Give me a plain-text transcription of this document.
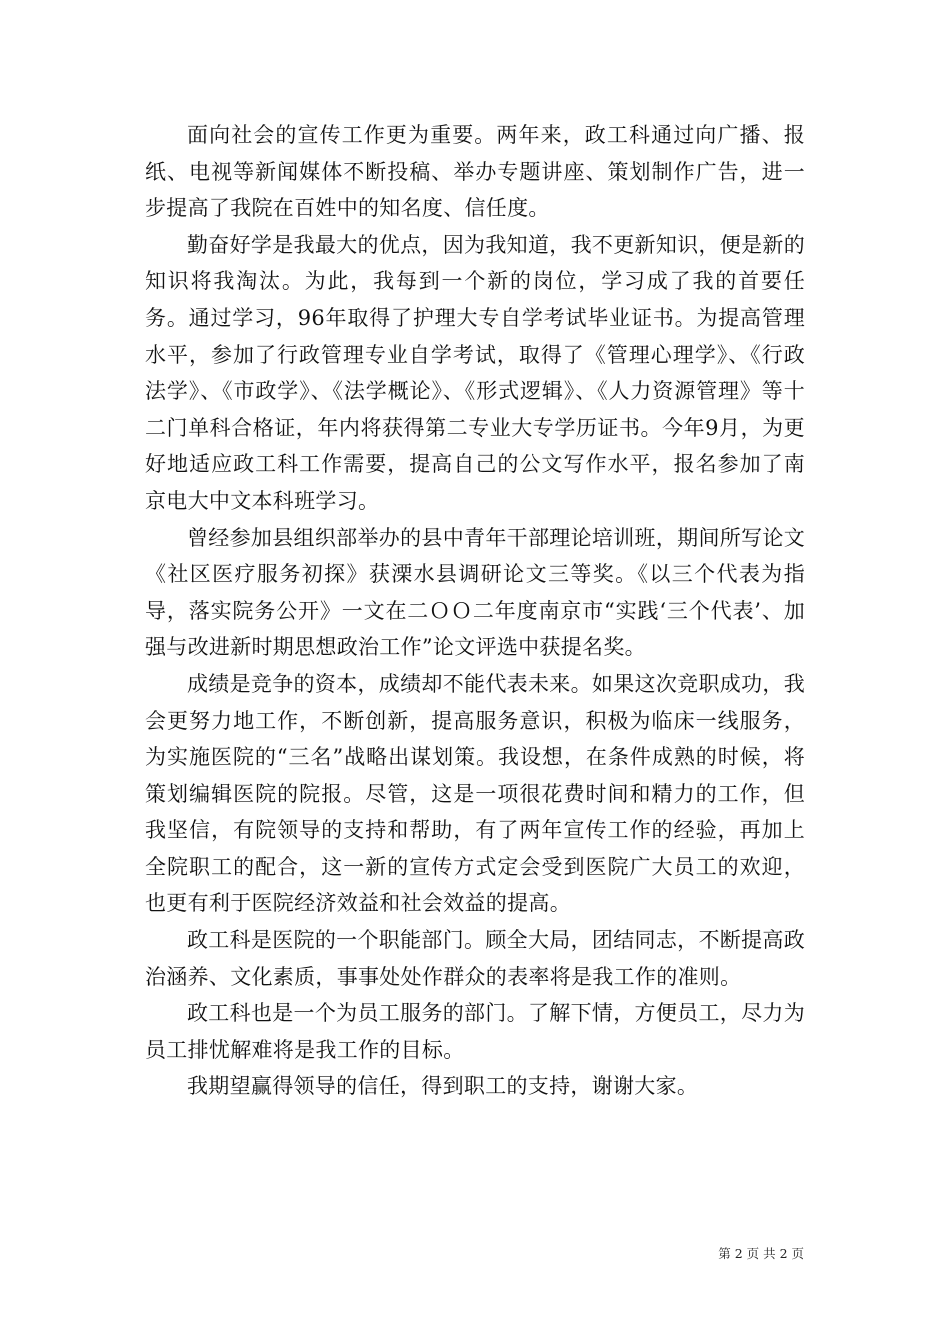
面向社会的宣传工作更为重要。两年来，政工科通过向广播、报纸、电视等新闻媒体不断投稿、举办专题讲座、策划制作广告，进一步提高了我院在百姓中的知名度、信任度。

勤奋好学是我最大的优点，因为我知道，我不更新知识，便是新的知识将我淘汰。为此，我每到一个新的岗位，学习成了我的首要任务。通过学习，96年取得了护理大专自学考试毕业证书。为提高管理水平，参加了行政管理专业自学考试，取得了《管理心理学》、《行政法学》、《市政学》、《法学概论》、《形式逻辑》、《人力资源管理》等十二门单科合格证，年内将获得第二专业大专学历证书。今年9月，为更好地适应政工科工作需要，提高自己的公文写作水平，报名参加了南京电大中文本科班学习。

曾经参加县组织部举办的县中青年干部理论培训班，期间所写论文《社区医疗服务初探》获溧水县调研论文三等奖。《以三个代表为指导，落实院务公开》一文在二ＯＯ二年度南京市“实践‘三个代表’、加强与改进新时期思想政治工作”论文评选中获提名奖。

成绩是竞争的资本，成绩却不能代表未来。如果这次竞职成功，我会更努力地工作，不断创新，提高服务意识，积极为临床一线服务，为实施医院的“三名”战略出谋划策。我设想，在条件成熟的时候，将策划编辑医院的院报。尽管，这是一项很花费时间和精力的工作，但我坚信，有院领导的支持和帮助，有了两年宣传工作的经验，再加上全院职工的配合，这一新的宣传方式定会受到医院广大员工的欢迎，也更有利于医院经济效益和社会效益的提高。

政工科是医院的一个职能部门。顾全大局，团结同志，不断提高政治涵养、文化素质，事事处处作群众的表率将是我工作的准则。

政工科也是一个为员工服务的部门。了解下情，方便员工，尽力为员工排忧解难将是我工作的目标。

我期望赢得领导的信任，得到职工的支持，谢谢大家。

第 2 页 共 2 页
